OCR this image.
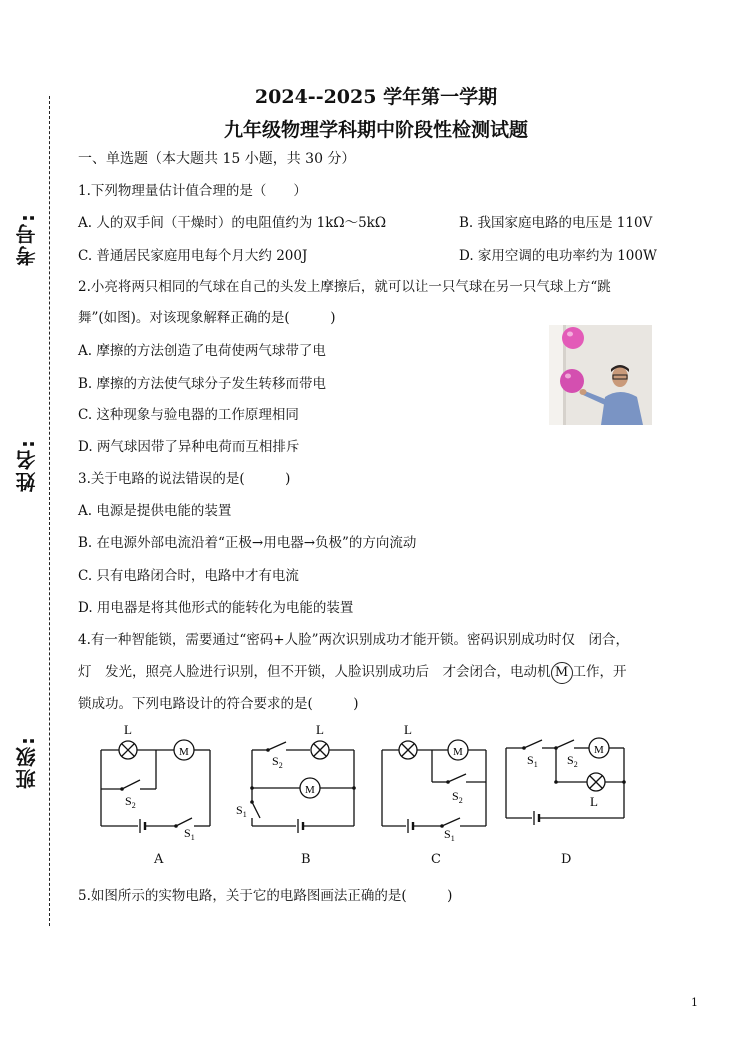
考号:
姓名:
班级:
2024--2025 学年第一学期
九年级物理学科期中阶段性检测试题
一、单选题（本大题共 15 小题，共 30 分）
1.下列物理量估计值合理的是（　　）
A. 人的双手间（干燥时）的电阻值约为 1kΩ～5kΩ	B. 我国家庭电路的电压是 110V
C. 普通居民家庭用电每个月大约 200J	D. 家用空调的电功率约为 100W
2.小亮将两只相同的气球在自己的头发上摩擦后，就可以让一只气球在另一只气球上方“跳
舞”(如图)。对该现象解释正确的是(　　　)
A. 摩擦的方法创造了电荷使两气球带了电
B. 摩擦的方法使气球分子发生转移而带电
C. 这种现象与验电器的工作原理相同
D. 两气球因带了异种电荷而互相排斥
3.关于电路的说法错误的是(　　　)
A. 电源是提供电能的装置
B. 在电源外部电流沿着“正极→用电器→负极”的方向流动
C. 只有电路闭合时，电路中才有电流
D. 用电器是将其他形式的能转化为电能的装置
4.有一种智能锁，需要通过“密码+人脸”两次识别成功才能开锁。密码识别成功时仅　闭合，
灯　发光，照亮人脸进行识别，但不开锁，人脸识别成功后　才会闭合，电动机 M 工作，开
锁成功。下列电路设计的符合要求的是(　　　)
L
M
$S_2$
$S_1$
L
M
$S_2$
$S_1$
L
M
$S_2$
$S_1$
M
L
$S_1$ $S_2$
A	B	C	D
5.如图所示的实物电路，关于它的电路图画法正确的是(　　　)
1
